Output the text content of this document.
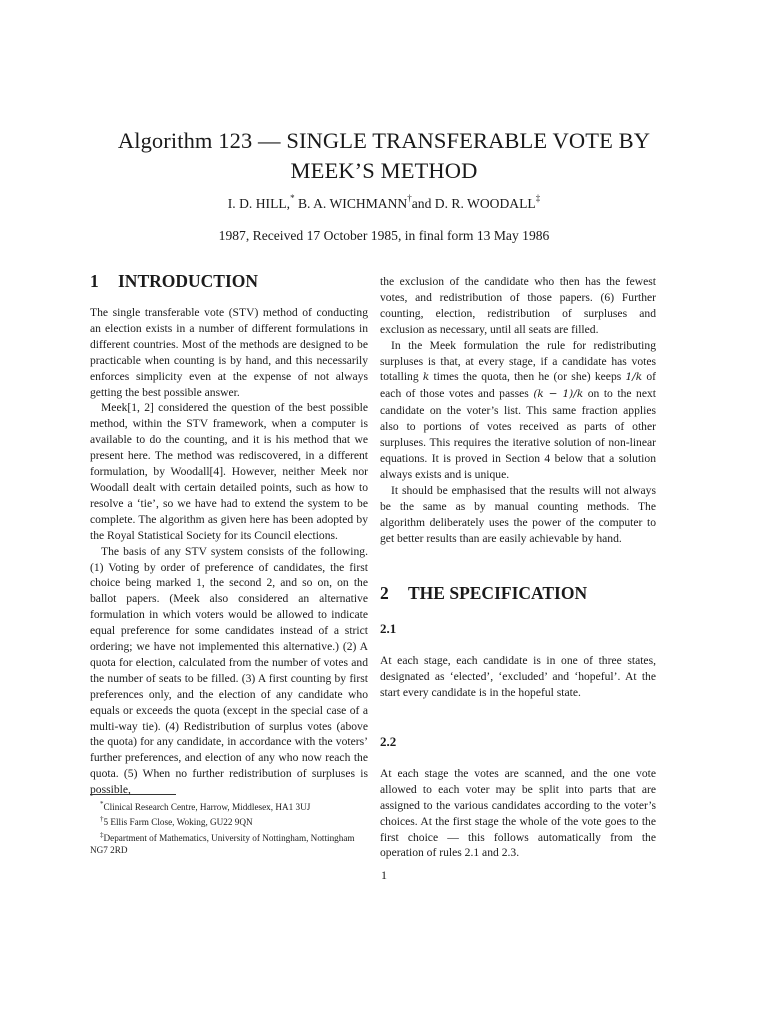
Algorithm 123 — SINGLE TRANSFERABLE VOTE BY
MEEK’S METHOD
I. D. HILL,* B. A. WICHMANN†and D. R. WOODALL‡
1987, Received 17 October 1985, in final form 13 May 1986
1 INTRODUCTION

The single transferable vote (STV) method of conducting an election exists in a number of different formulations in different countries. Most of the methods are designed to be practicable when counting is by hand, and this necessarily enforces simplicity even at the expense of not always getting the best possible answer.

Meek[1, 2] considered the question of the best possible method, within the STV framework, when a computer is available to do the counting, and it is his method that we present here. The method was rediscovered, in a different formulation, by Woodall[4]. However, neither Meek nor Woodall dealt with certain detailed points, such as how to resolve a ‘tie’, so we have had to extend the system to be complete. The algorithm as given here has been adopted by the Royal Statistical Society for its Council elections.

The basis of any STV system consists of the following. (1) Voting by order of preference of candidates, the first choice being marked 1, the second 2, and so on, on the ballot papers. (Meek also considered an alternative formulation in which voters would be allowed to indicate equal preference for some candidates instead of a strict ordering; we have not implemented this alternative.) (2) A quota for election, calculated from the number of votes and the number of seats to be filled. (3) A first counting by first preferences only, and the election of any candidate who equals or exceeds the quota (except in the special case of a multi-way tie). (4) Redistribution of surplus votes (above the quota) for any candidate, in accordance with the voters’ further preferences, and election of any who now reach the quota. (5) When no further redistribution of surpluses is possible,

the exclusion of the candidate who then has the fewest votes, and redistribution of those papers. (6) Further counting, election, redistribution of surpluses and exclusion as necessary, until all seats are filled.

In the Meek formulation the rule for redistributing surpluses is that, at every stage, if a candidate has votes totalling k times the quota, then he (or she) keeps 1/k of each of those votes and passes (k − 1)/k on to the next candidate on the voter’s list. This same fraction applies also to portions of votes received as parts of other surpluses. This requires the iterative solution of non-linear equations. It is proved in Section 4 below that a solution always exists and is unique.

It should be emphasised that the results will not always be the same as by manual counting methods. The algorithm deliberately uses the power of the computer to get better results than are easily achievable by hand.

2 THE SPECIFICATION
2.1

At each stage, each candidate is in one of three states, designated as ‘elected’, ‘excluded’ and ‘hopeful’. At the start every candidate is in the hopeful state.

2.2

At each stage the votes are scanned, and the one vote allowed to each voter may be split into parts that are assigned to the various candidates according to the voter’s choices. At the first stage the whole of the vote goes to the first choice — this follows automatically from the operation of rules 2.1 and 2.3.

*Clinical Research Centre, Harrow, Middlesex, HA1 3UJ
†5 Ellis Farm Close, Woking, GU22 9QN
‡Department of Mathematics, University of Nottingham, Nottingham NG7 2RD
1
